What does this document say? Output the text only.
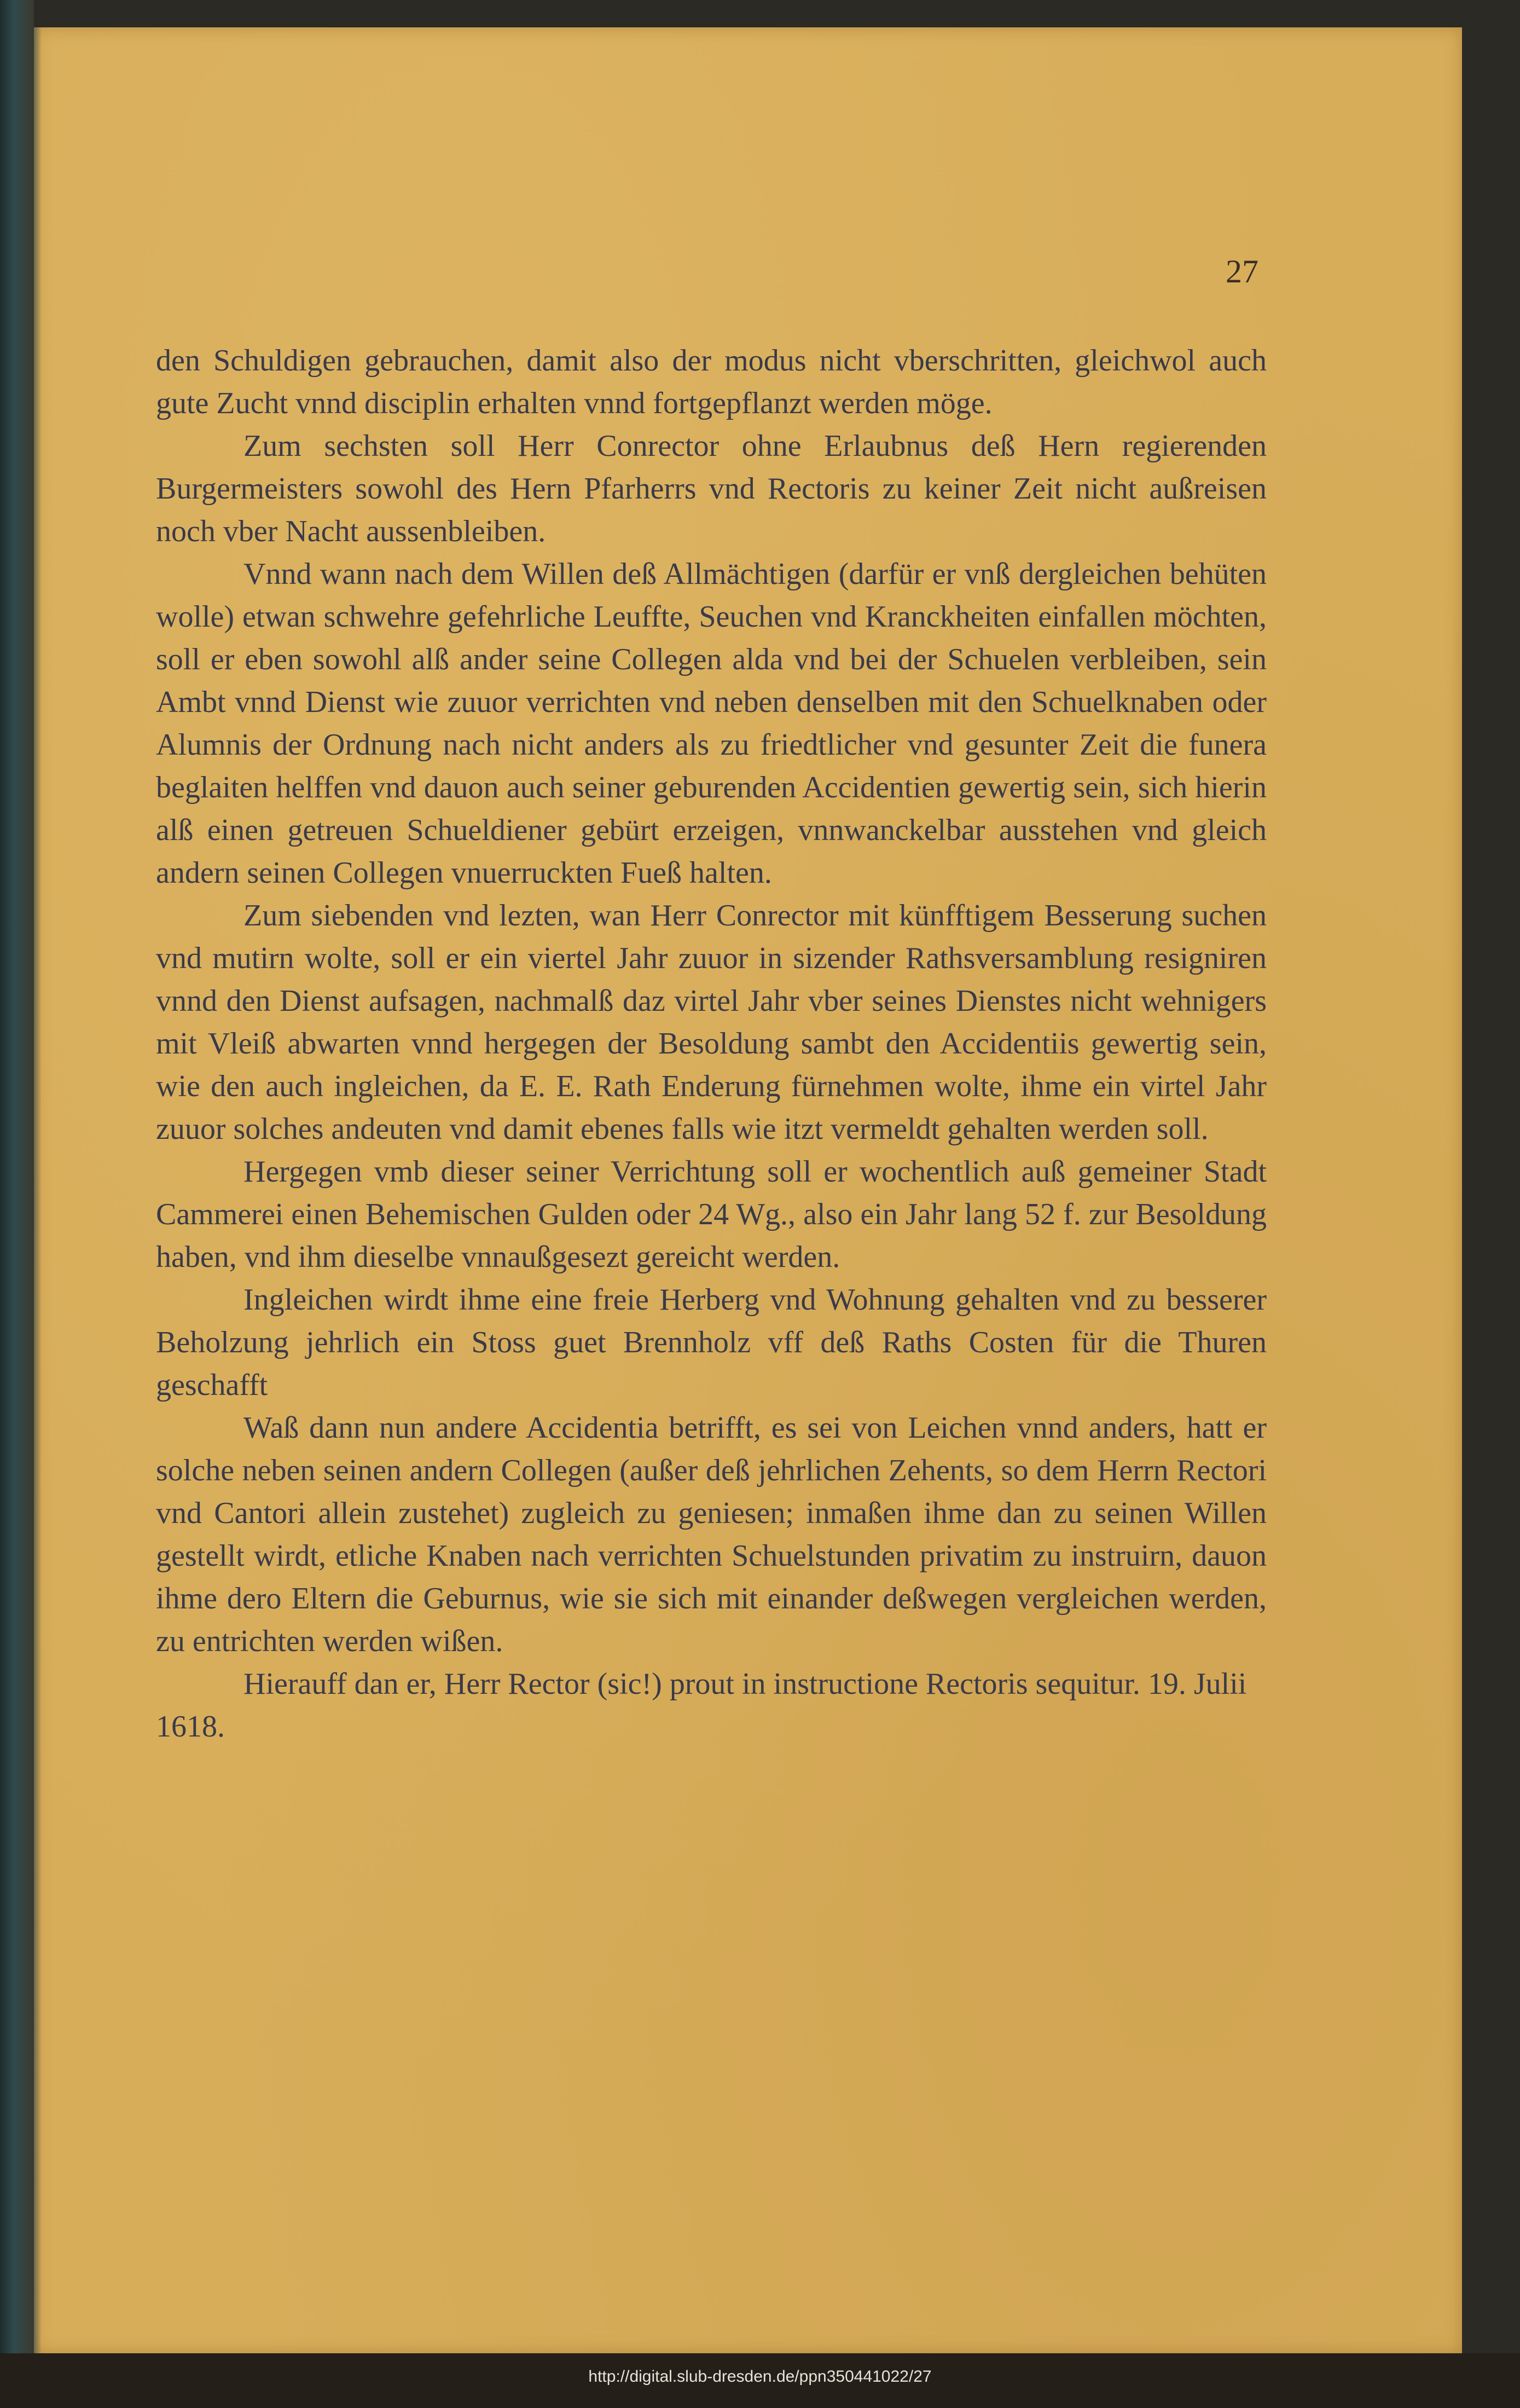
27

den Schuldigen gebrauchen, damit also der modus nicht vberschritten, gleichwol auch gute Zucht vnnd disciplin erhalten vnnd fortgepflanzt werden möge.

Zum sechsten soll Herr Conrector ohne Erlaubnus deß Hern regierenden Burgermeisters sowohl des Hern Pfarherrs vnd Rectoris zu keiner Zeit nicht außreisen noch vber Nacht aussenbleiben.

Vnnd wann nach dem Willen deß Allmächtigen (darfür er vnß dergleichen behüten wolle) etwan schwehre gefehrliche Leuffte, Seuchen vnd Kranckheiten einfallen möchten, soll er eben sowohl alß ander seine Collegen alda vnd bei der Schuelen verbleiben, sein Ambt vnnd Dienst wie zuuor verrichten vnd neben denselben mit den Schuelknaben oder Alumnis der Ordnung nach nicht anders als zu friedtlicher vnd gesunter Zeit die funera beglaiten helffen vnd dauon auch seiner geburenden Accidentien gewertig sein, sich hierin alß einen getreuen Schueldiener gebürt erzeigen, vnnwanckelbar ausstehen vnd gleich andern seinen Collegen vnuerruckten Fueß halten.

Zum siebenden vnd lezten, wan Herr Conrector mit künfftigem Besserung suchen vnd mutirn wolte, soll er ein viertel Jahr zuuor in sizender Rathsversamblung resigniren vnnd den Dienst aufsagen, nachmalß daz virtel Jahr vber seines Dienstes nicht wehnigers mit Vleiß abwarten vnnd hergegen der Besoldung sambt den Accidentiis gewertig sein, wie den auch ingleichen, da E. E. Rath Enderung fürnehmen wolte, ihme ein virtel Jahr zuuor solches andeuten vnd damit ebenes falls wie itzt vermeldt gehalten werden soll.

Hergegen vmb dieser seiner Verrichtung soll er wochentlich auß gemeiner Stadt Cammerei einen Behemischen Gulden oder 24 Wg., also ein Jahr lang 52 f. zur Besoldung haben, vnd ihm dieselbe vnnaußgesezt gereicht werden.

Ingleichen wirdt ihme eine freie Herberg vnd Wohnung gehalten vnd zu besserer Beholzung jehrlich ein Stoss guet Brennholz vff deß Raths Costen für die Thuren geschafft

Waß dann nun andere Accidentia betrifft, es sei von Leichen vnnd anders, hatt er solche neben seinen andern Collegen (außer deß jehrlichen Zehents, so dem Herrn Rectori vnd Cantori allein zustehet) zugleich zu geniesen; inmaßen ihme dan zu seinen Willen gestellt wirdt, etliche Knaben nach verrichten Schuelstunden privatim zu instruirn, dauon ihme dero Eltern die Geburnus, wie sie sich mit einander deßwegen vergleichen werden, zu entrichten werden wißen.

Hierauff dan er, Herr Rector (sic!) prout in instructione Rectoris sequitur. 19. Julii 1618.

http://digital.slub-dresden.de/ppn350441022/27
